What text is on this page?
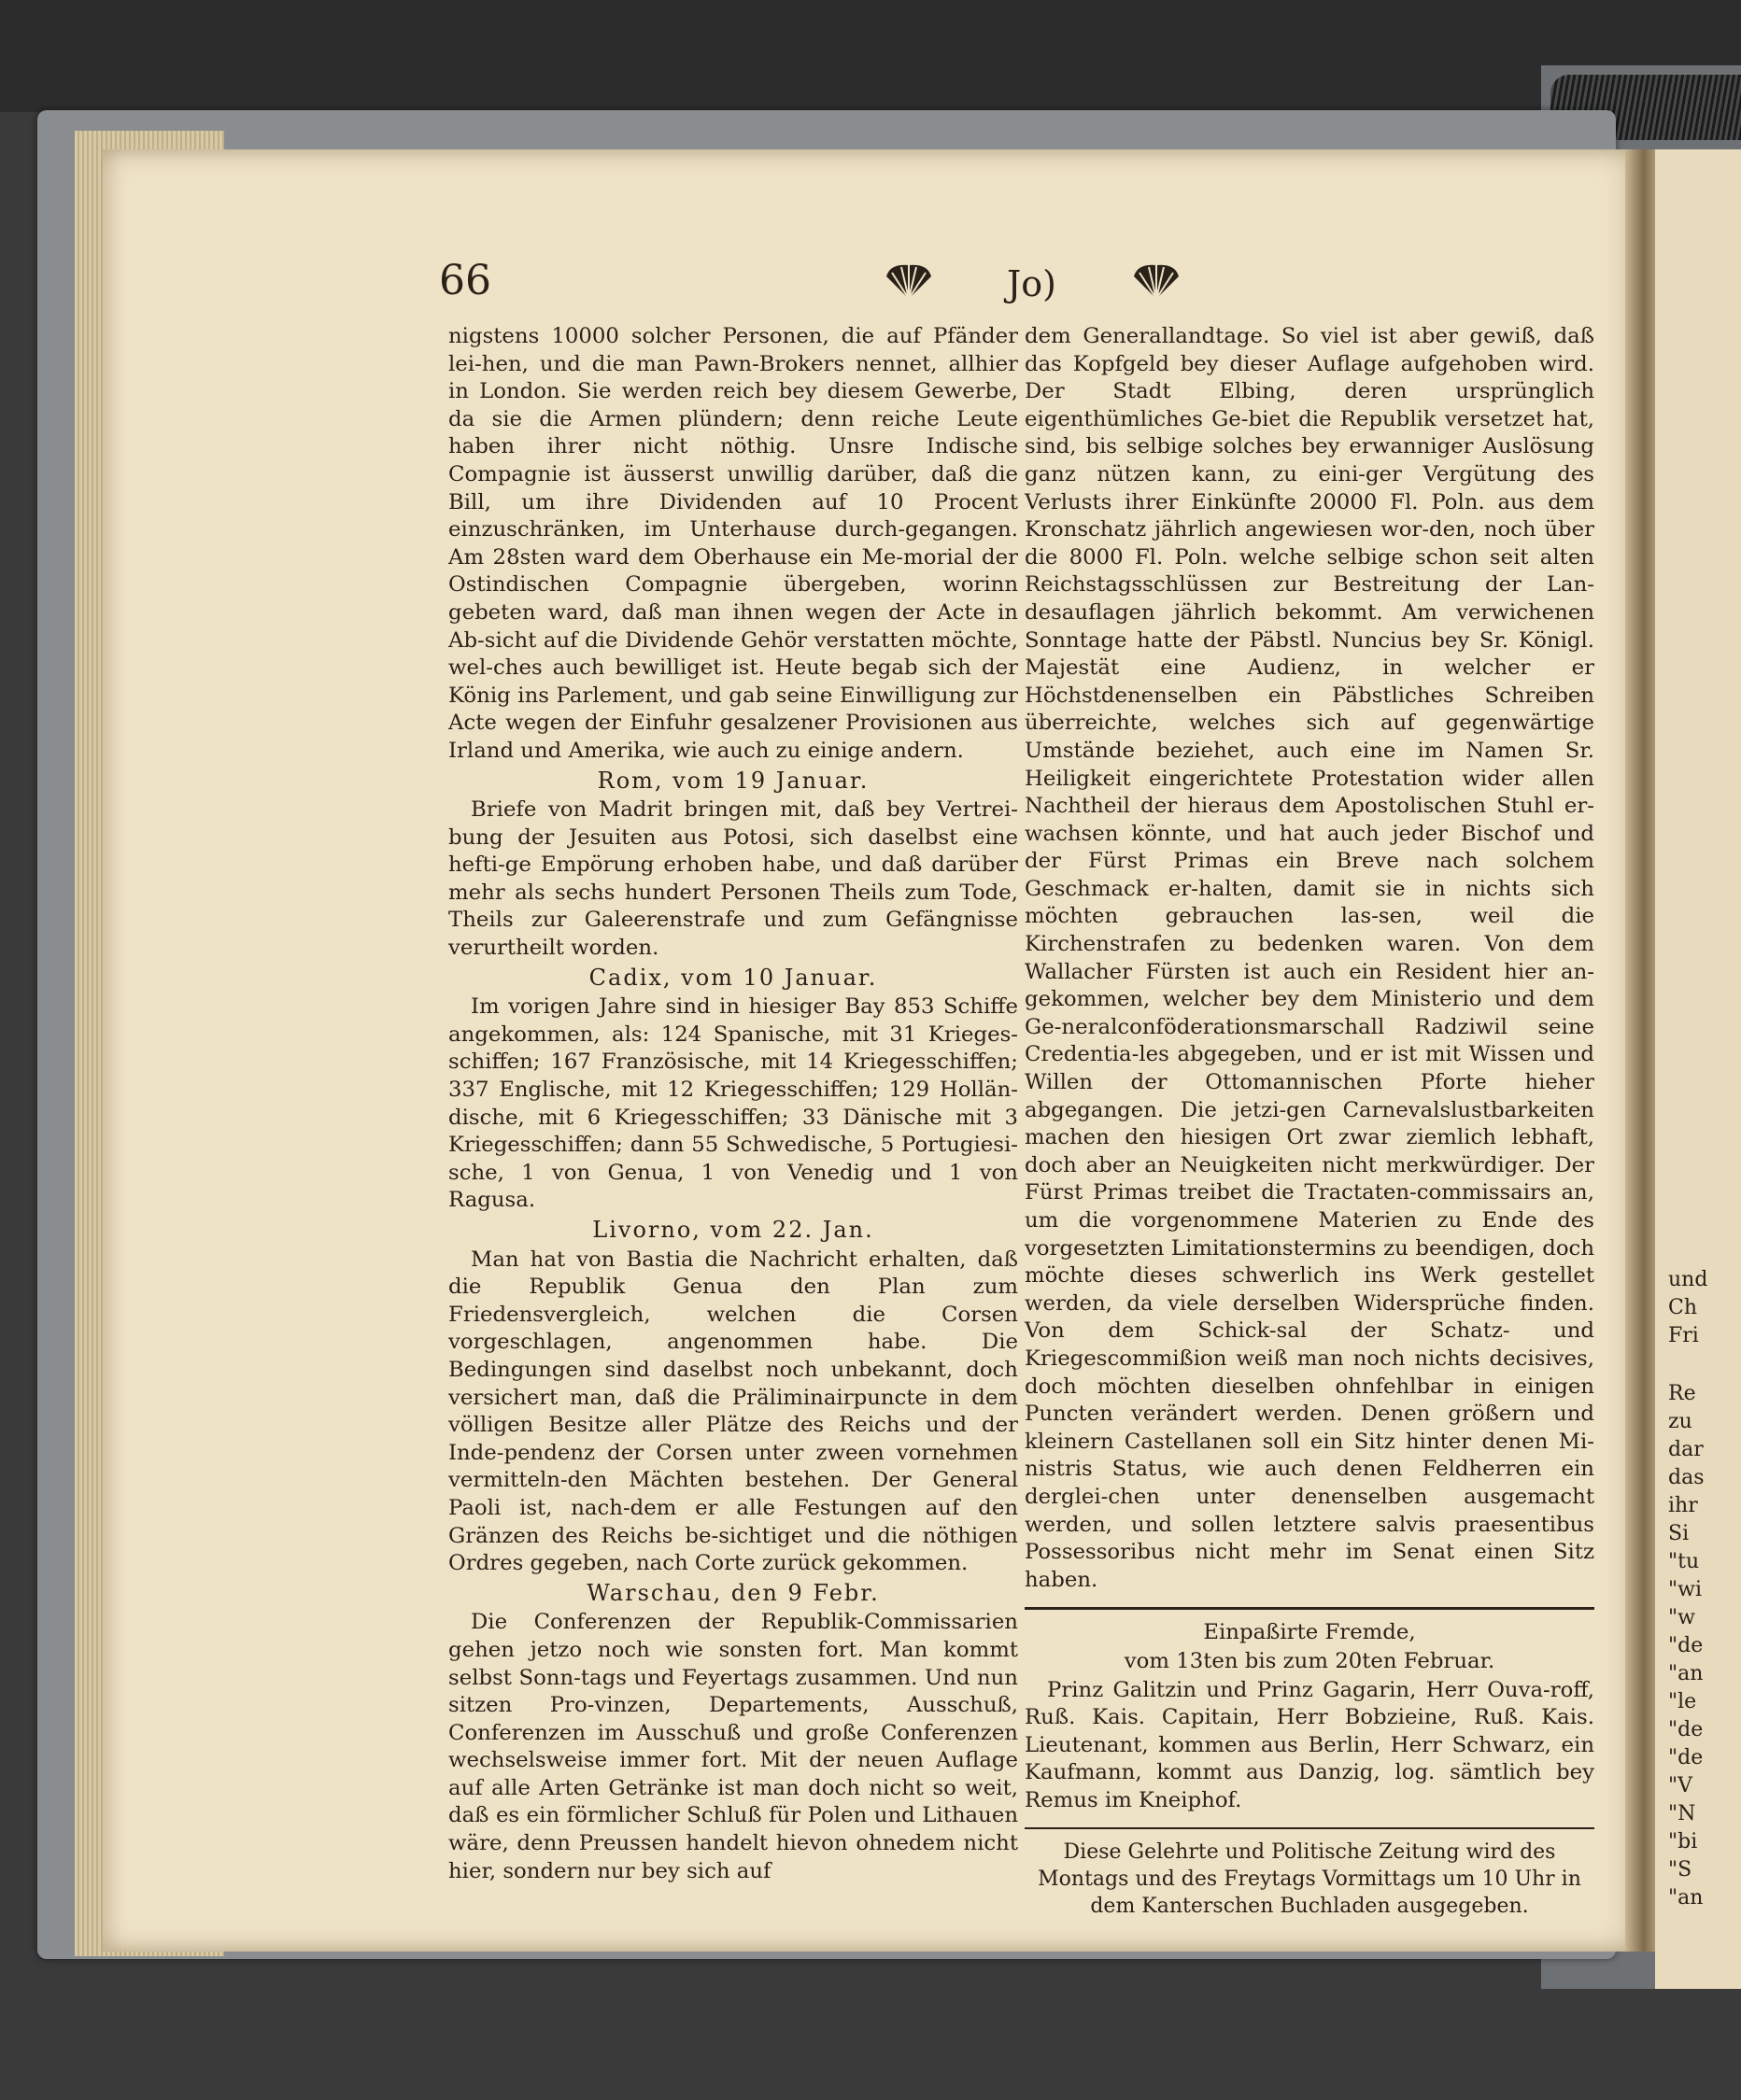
und
Ch
Fri
Re
zu
dar
das
ihr
Si
"tu
"wi
"w
"de
"an
"le
"de
"de
"V
"N
"bi
"S
"an
66	Jo)

nigstens 10000 solcher Personen, die auf Pfänder lei-hen, und die man Pawn-Brokers nennet, allhier in London. Sie werden reich bey diesem Gewerbe, da sie die Armen plündern; denn reiche Leute haben ihrer nicht nöthig. Unsre Indische Compagnie ist äusserst unwillig darüber, daß die Bill, um ihre Dividenden auf 10 Procent einzuschränken, im Unterhause durch-gegangen. Am 28sten ward dem Oberhause ein Me-morial der Ostindischen Compagnie übergeben, worinn gebeten ward, daß man ihnen wegen der Acte in Ab-sicht auf die Dividende Gehör verstatten möchte, wel-ches auch bewilliget ist. Heute begab sich der König ins Parlement, und gab seine Einwilligung zur Acte wegen der Einfuhr gesalzener Provisionen aus Irland und Amerika, wie auch zu einige andern.

Rom, vom 19 Januar.

Briefe von Madrit bringen mit, daß bey Vertrei-bung der Jesuiten aus Potosi, sich daselbst eine hefti-ge Empörung erhoben habe, und daß darüber mehr als sechs hundert Personen Theils zum Tode, Theils zur Galeerenstrafe und zum Gefängnisse verurtheilt worden.

Cadix, vom 10 Januar.

Im vorigen Jahre sind in hiesiger Bay 853 Schiffe angekommen, als: 124 Spanische, mit 31 Krieges-schiffen; 167 Französische, mit 14 Kriegesschiffen; 337 Englische, mit 12 Kriegesschiffen; 129 Hollän-dische, mit 6 Kriegesschiffen; 33 Dänische mit 3 Kriegesschiffen; dann 55 Schwedische, 5 Portugiesi-sche, 1 von Genua, 1 von Venedig und 1 von Ragusa.

Livorno, vom 22. Jan.

Man hat von Bastia die Nachricht erhalten, daß die Republik Genua den Plan zum Friedensvergleich, welchen die Corsen vorgeschlagen, angenommen habe. Die Bedingungen sind daselbst noch unbekannt, doch versichert man, daß die Präliminairpuncte in dem völligen Besitze aller Plätze des Reichs und der Inde-pendenz der Corsen unter zween vornehmen vermitteln-den Mächten bestehen. Der General Paoli ist, nach-dem er alle Festungen auf den Gränzen des Reichs be-sichtiget und die nöthigen Ordres gegeben, nach Corte zurück gekommen.

Warschau, den 9 Febr.

Die Conferenzen der Republik-Commissarien gehen jetzo noch wie sonsten fort. Man kommt selbst Sonn-tags und Feyertags zusammen. Und nun sitzen Pro-vinzen, Departements, Ausschuß, Conferenzen im Ausschuß und große Conferenzen wechselsweise immer fort. Mit der neuen Auflage auf alle Arten Getränke ist man doch nicht so weit, daß es ein förmlicher Schluß für Polen und Lithauen wäre, denn Preussen handelt hievon ohnedem nicht hier, sondern nur bey sich auf

dem Generallandtage. So viel ist aber gewiß, daß das Kopfgeld bey dieser Auflage aufgehoben wird. Der Stadt Elbing, deren ursprünglich eigenthümliches Ge-biet die Republik versetzet hat, sind, bis selbige solches bey erwanniger Auslösung ganz nützen kann, zu eini-ger Vergütung des Verlusts ihrer Einkünfte 20000 Fl. Poln. aus dem Kronschatz jährlich angewiesen wor-den, noch über die 8000 Fl. Poln. welche selbige schon seit alten Reichstagsschlüssen zur Bestreitung der Lan-desauflagen jährlich bekommt. Am verwichenen Sonntage hatte der Päbstl. Nuncius bey Sr. Königl. Majestät eine Audienz, in welcher er Höchstdenenselben ein Päbstliches Schreiben überreichte, welches sich auf gegenwärtige Umstände beziehet, auch eine im Namen Sr. Heiligkeit eingerichtete Protestation wider allen Nachtheil der hieraus dem Apostolischen Stuhl er-wachsen könnte, und hat auch jeder Bischof und der Fürst Primas ein Breve nach solchem Geschmack er-halten, damit sie in nichts sich möchten gebrauchen las-sen, weil die Kirchenstrafen zu bedenken waren. Von dem Wallacher Fürsten ist auch ein Resident hier an-gekommen, welcher bey dem Ministerio und dem Ge-neralconföderationsmarschall Radziwil seine Credentia-les abgegeben, und er ist mit Wissen und Willen der Ottomannischen Pforte hieher abgegangen. Die jetzi-gen Carnevalslustbarkeiten machen den hiesigen Ort zwar ziemlich lebhaft, doch aber an Neuigkeiten nicht merkwürdiger. Der Fürst Primas treibet die Tractaten-commissairs an, um die vorgenommene Materien zu Ende des vorgesetzten Limitationstermins zu beendigen, doch möchte dieses schwerlich ins Werk gestellet werden, da viele derselben Widersprüche finden. Von dem Schick-sal der Schatz- und Kriegescommißion weiß man noch nichts decisives, doch möchten dieselben ohnfehlbar in einigen Puncten verändert werden. Denen größern und kleinern Castellanen soll ein Sitz hinter denen Mi-nistris Status, wie auch denen Feldherren ein derglei-chen unter denenselben ausgemacht werden, und sollen letztere salvis praesentibus Possessoribus nicht mehr im Senat einen Sitz haben.

Einpaßirte Fremde,

vom 13ten bis zum 20ten Februar.

Prinz Galitzin und Prinz Gagarin, Herr Ouva-roff, Ruß. Kais. Capitain, Herr Bobzieine, Ruß. Kais. Lieutenant, kommen aus Berlin, Herr Schwarz, ein Kaufmann, kommt aus Danzig, log. sämtlich bey Remus im Kneiphof.

Diese Gelehrte und Politische Zeitung wird des Montags und des Freytags Vormittags um 10 Uhr in dem Kanterschen Buchladen ausgegeben.
